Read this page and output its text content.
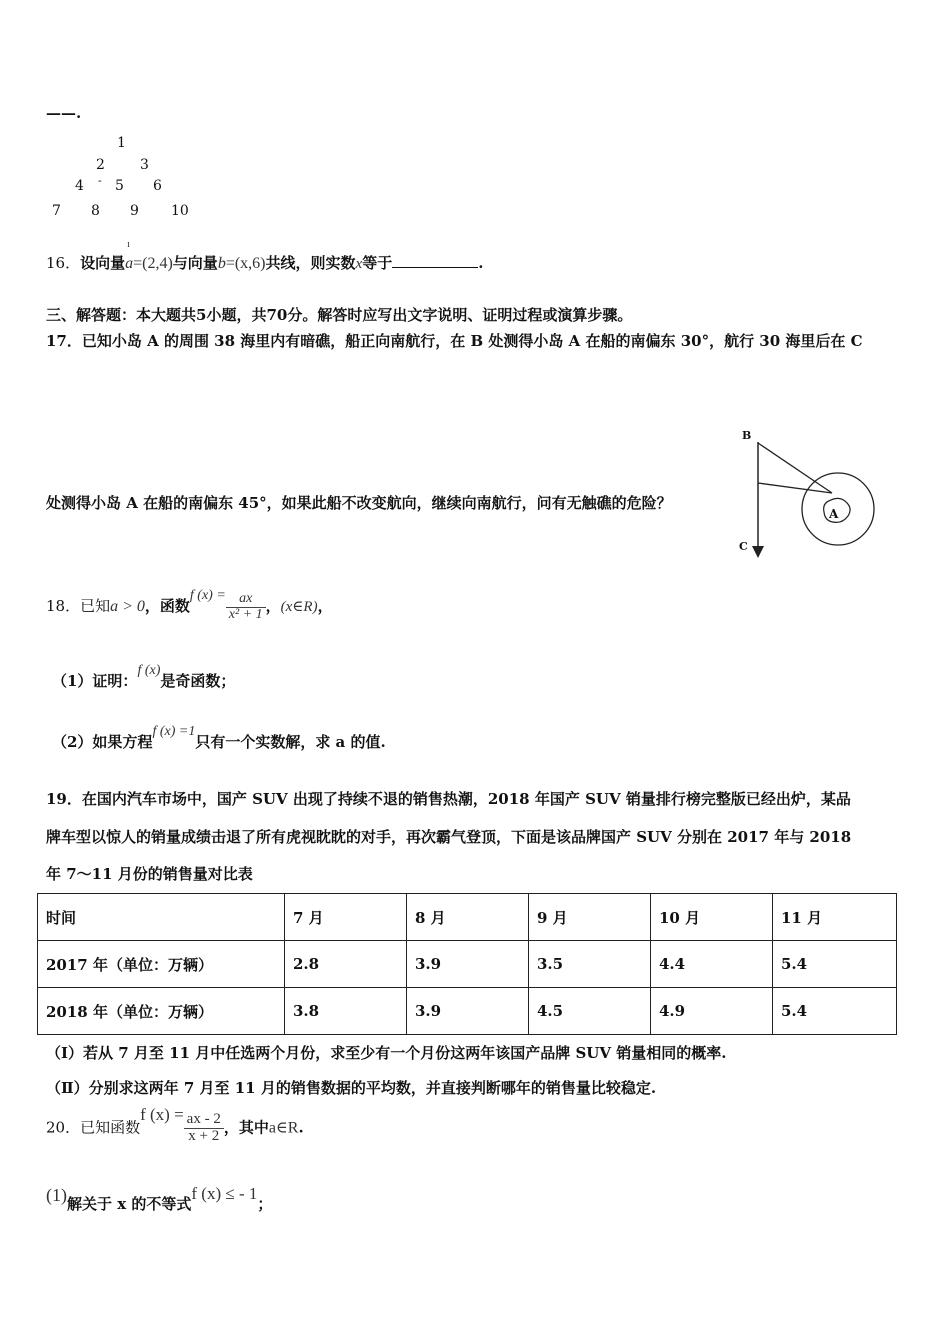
——.
1
2	3
4 - 5 6
7 8 9 10
16．设向量
ı
a=(2,4)与向量b=(x,6)共线，则实数x等于	.
三、解答题：本大题共5小题，共70分。解答时应写出文字说明、证明过程或演算步骤。
17．已知小岛 A 的周围 38 海里内有暗礁，船正向南航行，在 B 处测得小岛 A 在船的南偏东 30°，航行 30 海里后在 C
处测得小岛 A 在船的南偏东 45°，如果此船不改变航向，继续向南航行，问有无触礁的危险？
B
C
A
18．已知a > 0，函数f $(x) = \frac{ax}{\text{x² + 1}}$ ，(x∈R)，
（1）证明：f (x)是奇函数；
（2）如果方程f (x) =1只有一个实数解，求 a 的值.
19．在国内汽车市场中，国产 SUV 出现了持续不退的销售热潮，2018 年国产 SUV 销量排行榜完整版已经出炉，某品
牌车型以惊人的销量成绩击退了所有虎视眈眈的对手，再次霸气登顶，下面是该品牌国产 SUV 分别在 2017 年与 2018
年 7～11 月份的销售量对比表
时间	7 月	8 月	9 月	10 月	11 月
2017 年（单位：万辆）	2.8	3.9	3.5	4.4	5.4
2018 年（单位：万辆）	3.8	3.9	4.5	4.9	5.4
（Ⅰ）若从 7 月至 11 月中任选两个月份，求至少有一个月份这两年该国产品牌 SUV 销量相同的概率.
（Ⅱ）分别求这两年 7 月至 11 月的销售数据的平均数，并直接判断哪年的销售量比较稳定.
20．已知函数f $(x) = \frac{ax - 2}{x + 2}$ ，其中a∈R.
(1)解关于 x 的不等式f (x) ≤ - 1；
